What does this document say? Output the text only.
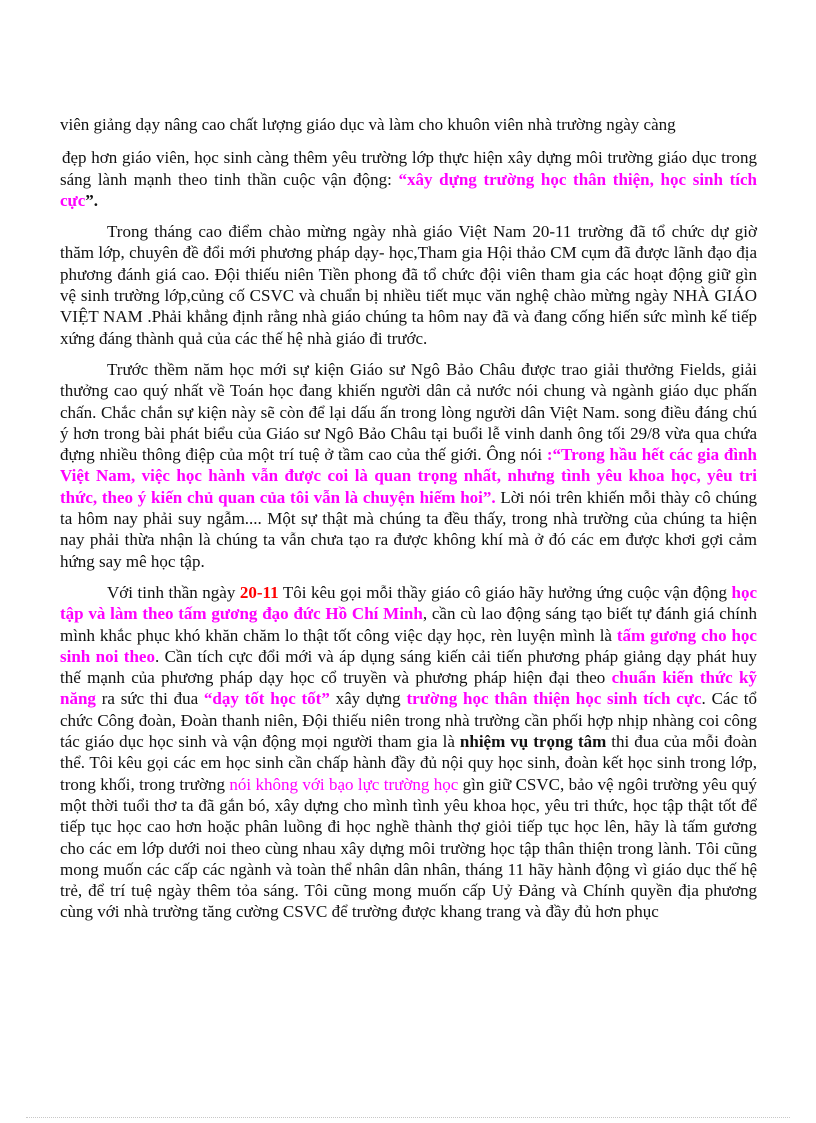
viên giảng dạy nâng cao chất lượng giáo dục và làm cho khuôn viên nhà trường ngày càng

đẹp hơn giáo viên, học sinh càng thêm yêu trường lớp thực hiện xây dựng môi trường giáo dục trong sáng lành mạnh theo tinh thần cuộc vận động: “xây dựng trường học thân thiện, học sinh tích cực”.

Trong tháng cao điểm chào mừng ngày nhà giáo Việt Nam 20-11 trường đã tổ chức dự giờ thăm lớp, chuyên đề đổi mới phương pháp dạy- học,Tham gia Hội thảo CM cụm đã được lãnh đạo địa phương đánh giá cao. Đội thiếu niên Tiền phong đã tổ chức đội viên tham gia các hoạt động giữ gìn vệ sinh trường lớp,củng cố CSVC và chuẩn bị nhiều tiết mục văn nghệ chào mừng ngày NHÀ GIÁO VIỆT NAM .Phải khẳng định rằng nhà giáo chúng ta hôm nay đã và đang cống hiến sức mình kế tiếp xứng đáng thành quả của các thế hệ nhà giáo đi trước.

Trước thềm năm học mới sự kiện Giáo sư Ngô Bảo Châu được trao giải thưởng Fields, giải thưởng cao quý nhất về Toán học đang khiến người dân cả nước nói chung và ngành giáo dục phấn chấn. Chắc chắn sự kiện này sẽ còn để lại dấu ấn trong lòng người dân Việt Nam. song điều đáng chú ý hơn trong bài phát biểu của Giáo sư Ngô Bảo Châu tại buổi lễ vinh danh ông tối 29/8 vừa qua chứa đựng nhiều thông điệp của một trí tuệ ở tầm cao của thế giới. Ông nói :“Trong hầu hết các gia đình Việt Nam, việc học hành vẫn được coi là quan trọng nhất, nhưng tình yêu khoa học, yêu tri thức, theo ý kiến chủ quan của tôi vẫn là chuyện hiếm hoi”. Lời nói trên khiến mỗi thày cô chúng ta hôm nay phải suy ngẫm.... Một sự thật mà chúng ta đều thấy, trong nhà trường của chúng ta hiện nay phải thừa nhận là chúng ta vẫn chưa tạo ra được không khí mà ở đó các em được khơi gợi cảm hứng say mê học tập.

Với tinh thần ngày 20-11 Tôi kêu gọi mỗi thầy giáo cô giáo hãy hưởng ứng cuộc vận động học tập và làm theo tấm gương đạo đức Hồ Chí Minh, cần cù lao động sáng tạo biết tự đánh giá chính mình khắc phục khó khăn chăm lo thật tốt công việc dạy học, rèn luyện mình là tấm gương cho học sinh noi theo. Cần tích cực đổi mới và áp dụng sáng kiến cải tiến phương pháp giảng dạy phát huy thế mạnh của phương pháp dạy học cổ truyền và phương pháp hiện đại theo chuẩn kiến thức kỹ năng ra sức thi đua “dạy tốt học tốt” xây dựng trường học thân thiện học sinh tích cực. Các tổ chức Công đoàn, Đoàn thanh niên, Đội thiếu niên trong nhà trường cần phối hợp nhịp nhàng coi công tác giáo dục học sinh và vận động mọi người tham gia là nhiệm vụ trọng tâm thi đua của mỗi đoàn thể. Tôi kêu gọi các em học sinh cần chấp hành đầy đủ nội quy học sinh, đoàn kết học sinh trong lớp, trong khối, trong trường nói không với bạo lực trường học gìn giữ CSVC, bảo vệ ngôi trường yêu quý một thời tuổi thơ ta đã gắn bó, xây dựng cho mình tình yêu khoa học, yêu tri thức, học tập thật tốt để tiếp tục học cao hơn hoặc phân luồng đi học nghề thành thợ giỏi tiếp tục học lên, hãy là tấm gương cho các em lớp dưới noi theo cùng nhau xây dựng môi trường học tập thân thiện trong lành. Tôi cũng mong muốn các cấp các ngành và toàn thể nhân dân nhân, tháng 11 hãy hành động vì giáo dục thế hệ trẻ, để trí tuệ ngày thêm tỏa sáng. Tôi cũng mong muốn cấp Uỷ Đảng và Chính quyền địa phương cùng với nhà trường tăng cường CSVC để trường được khang trang và đầy đủ hơn phục
